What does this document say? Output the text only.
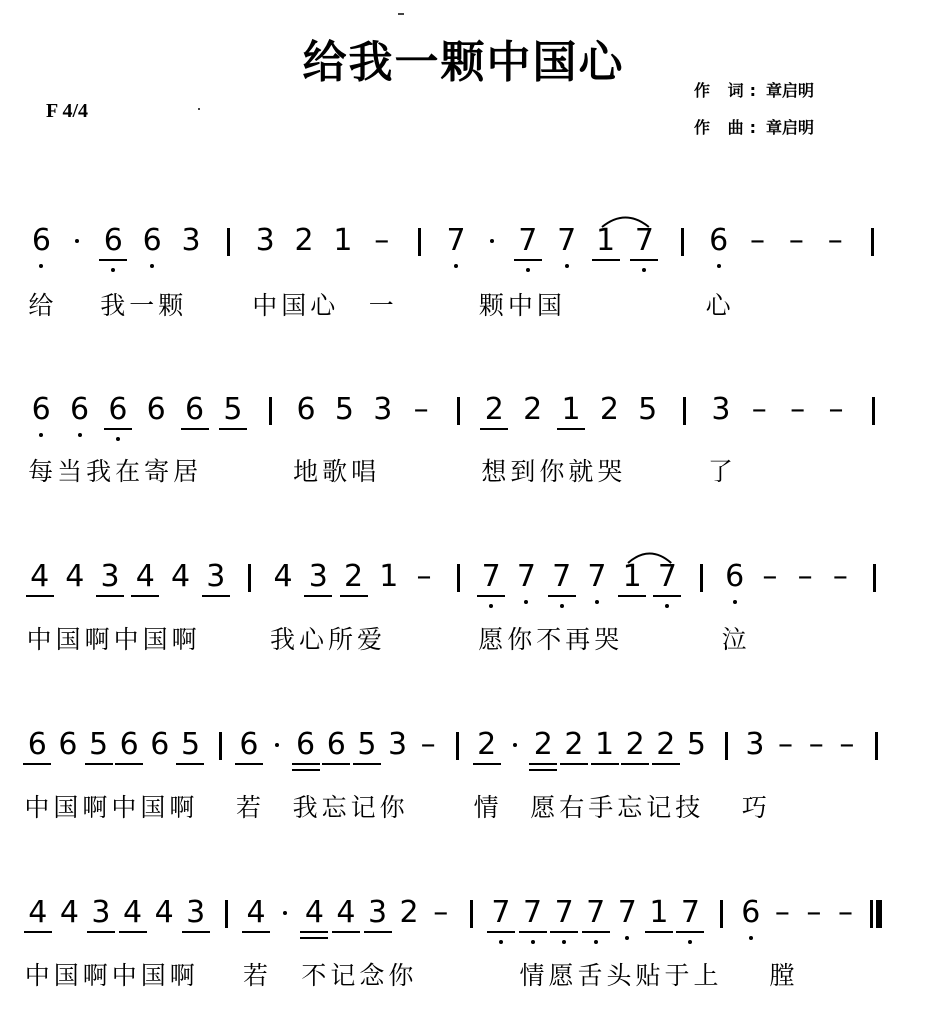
给我一颗中国心
F 4/4
作 词: 章启明
作 曲: 章启明
6 6 6 3 3 2 1 – 7 7 7 1 7 6 – – –
给 我一颗	中国心 一	颗中国	心
6 6 6 6 6 5 6 5 3 – 2 2 1 2 5 3 – – –
每当我在寄居	地歌唱	想到你就哭	了
4 4 3 4 4 3 4 3 2 1 – 7 7 7 7 1 7 6 – – –
中国啊中国啊	我心所爱	愿你不再哭	泣
6 6 5 6 6 5 6 6 6 5 3 – 2 2 2 1 2 2 5 3 – – –
中国啊中国啊 若 我忘记你	情 愿右手忘记技 巧
4 4 3 4 4 3 4 4 4 3 2 – 7 7 7 7 7 1 7 6 – – –
中国啊中国啊 若 不记念你	情愿舌头贴于上 膛
